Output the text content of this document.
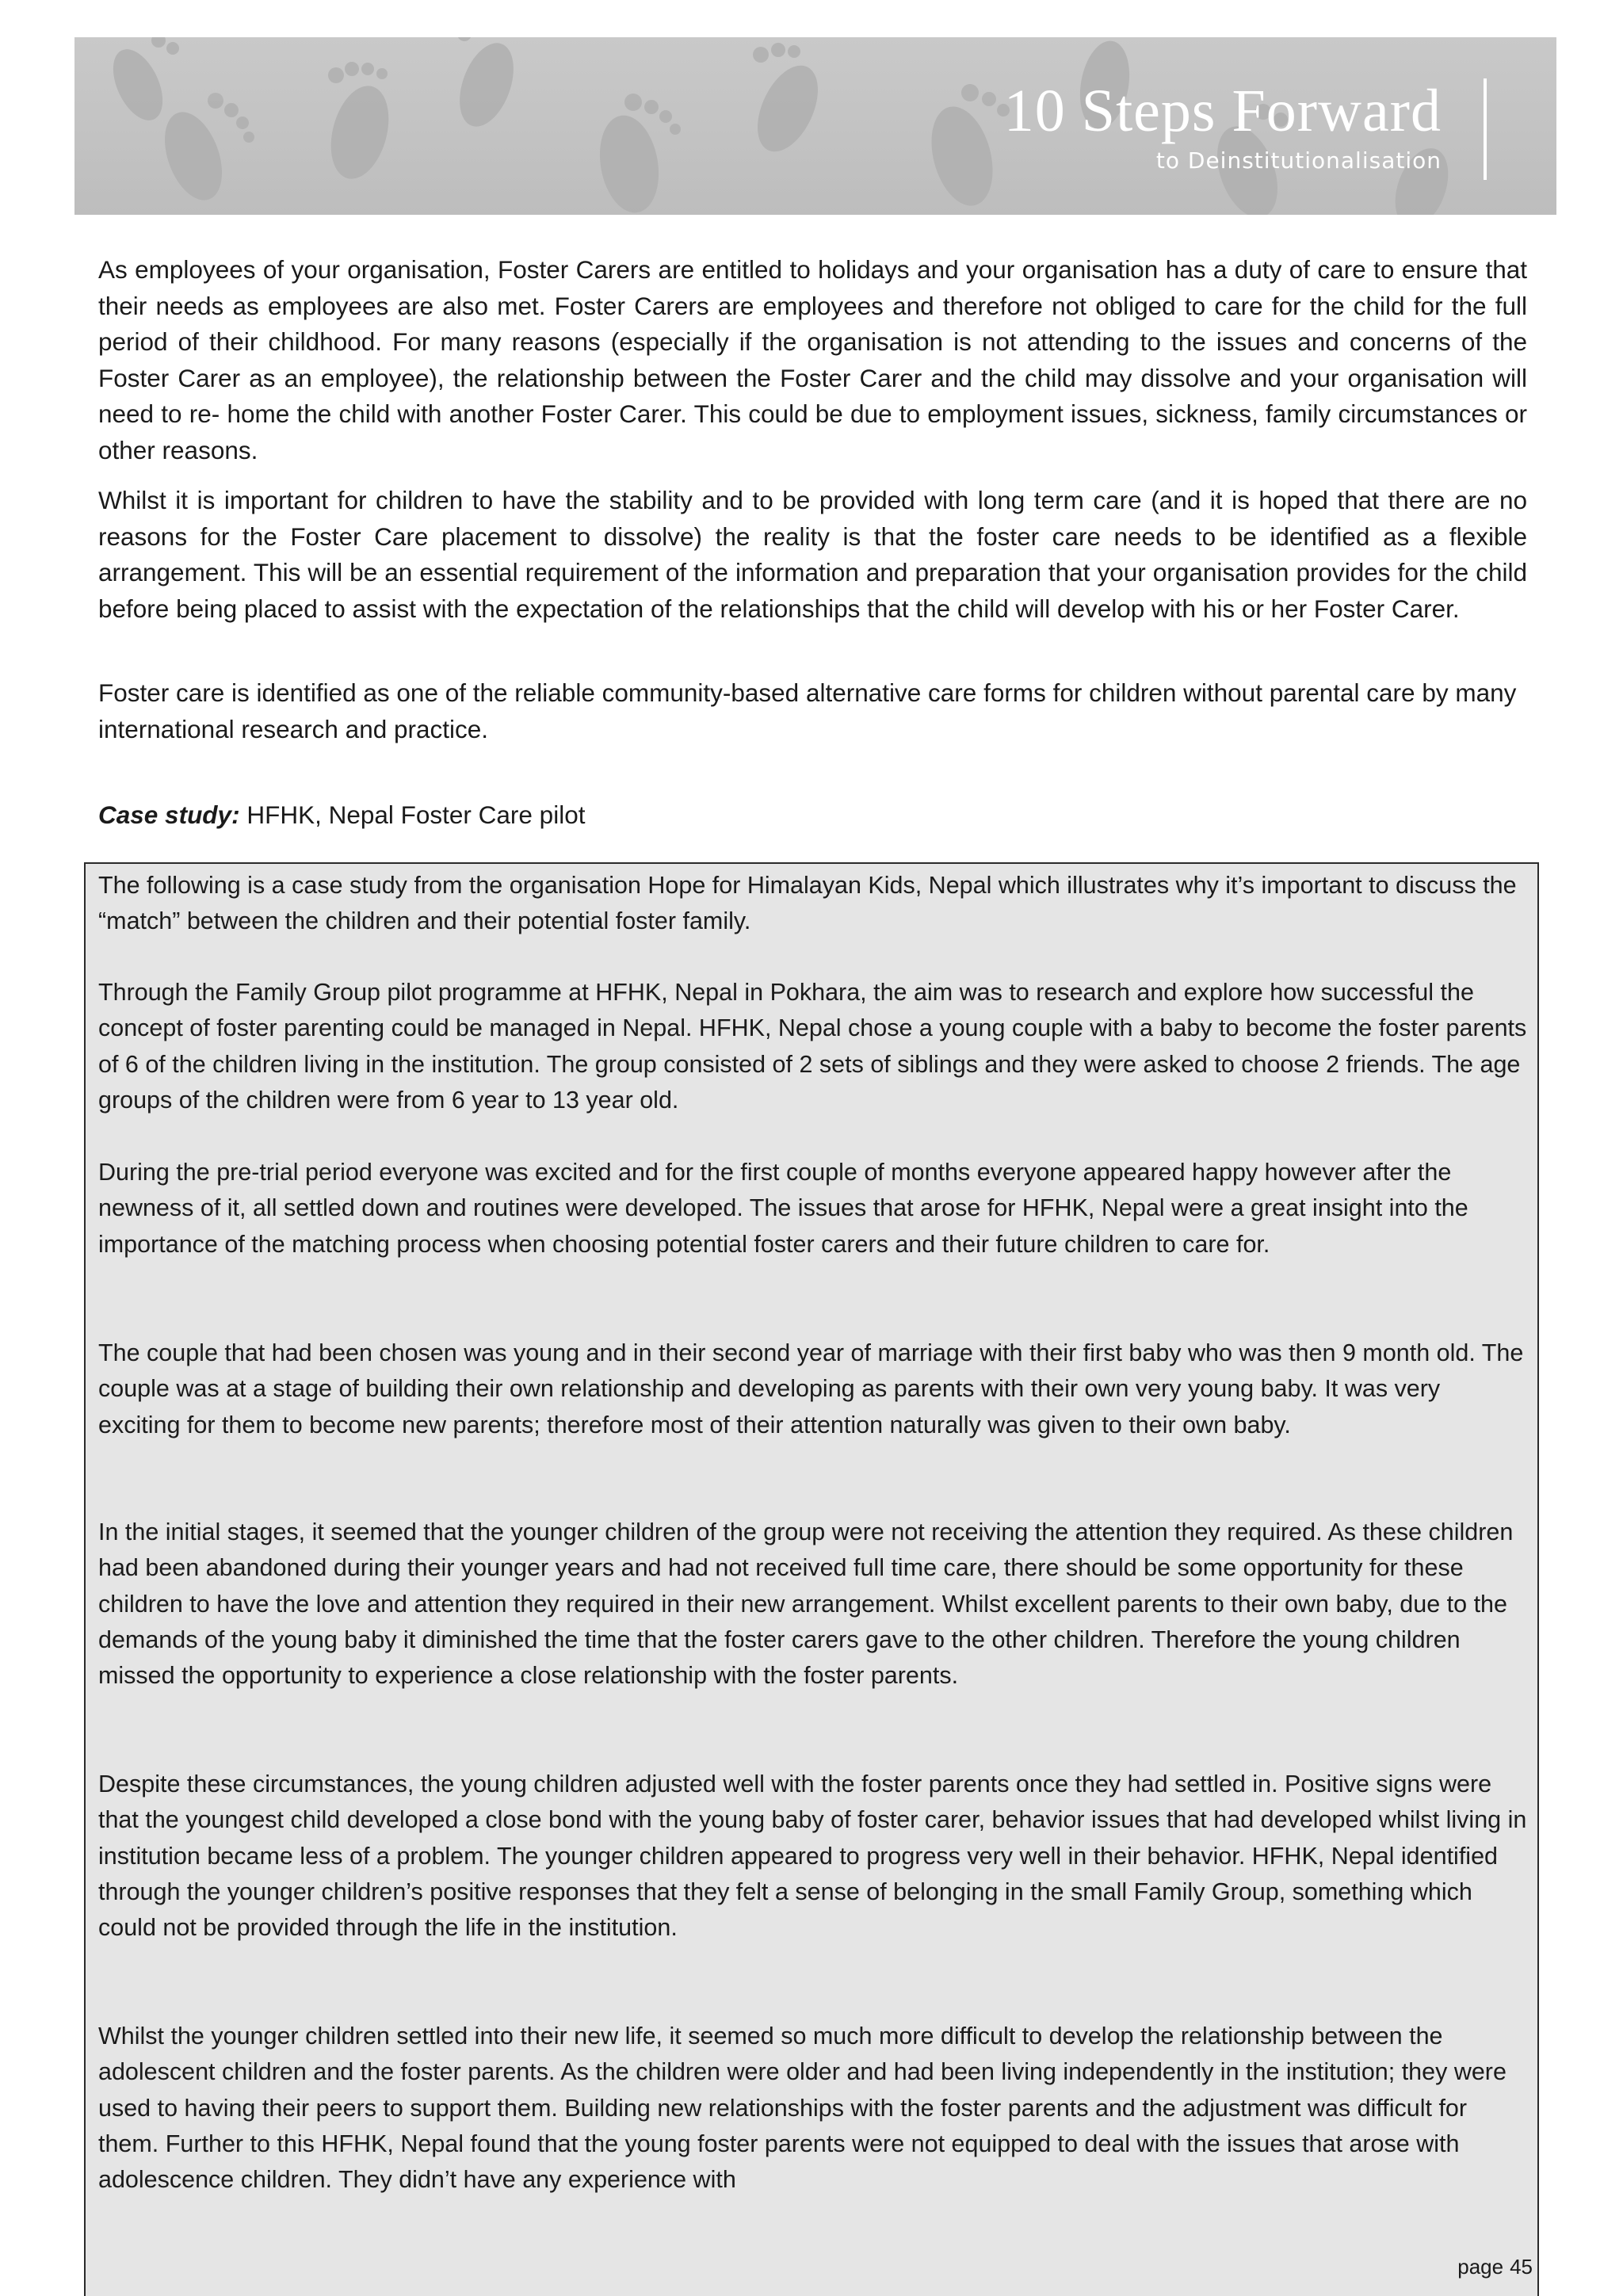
10 Steps Forward
to Deinstitutionalisation

As employees of your organisation, Foster Carers are entitled to holidays and your organisation has a duty of care to ensure that their needs as employees are also met. Foster Carers are employees and therefore not obliged to care for the child for the full period of their childhood. For many reasons (especially if the organisation is not attending to the issues and concerns of the Foster Carer as an employee), the relationship between the Foster Carer and the child may dissolve and your organisation will need to re- home the child with another Foster Carer. This could be due to employment issues, sickness, family circumstances or other reasons.

Whilst it is important for children to have the stability and to be provided with long term care (and it is hoped that there are no reasons for the Foster Care placement to dissolve) the reality is that the foster care needs to be identified as a flexible arrangement. This will be an essential requirement of the information and preparation that your organisation provides for the child before being placed to assist with the expectation of the relationships that the child will develop with his or her Foster Carer.

Foster care is identified as one of the reliable community-based alternative care forms for children without parental care by many international research and practice.

Case study: HFHK, Nepal Foster Care pilot

The following is a case study from the organisation Hope for Himalayan Kids, Nepal which illustrates why it’s important to discuss the “match” between the children and their potential foster family.

Through the Family Group pilot programme at HFHK, Nepal in Pokhara, the aim was to research and explore how successful the concept of foster parenting could be managed in Nepal. HFHK, Nepal chose a young couple with a baby to become the foster parents of 6 of the children living in the institution. The group consisted of 2 sets of siblings and they were asked to choose 2 friends. The age groups of the children were from 6 year to 13 year old.

During the pre-trial period everyone was excited and for the first couple of months everyone appeared happy however after the newness of it, all settled down and routines were developed. The issues that arose for HFHK, Nepal were a great insight into the importance of the matching process when choosing potential foster carers and their future children to care for.

The couple that had been chosen was young and in their second year of marriage with their first baby who was then 9 month old. The couple was at a stage of building their own relationship and developing as parents with their own very young baby. It was very exciting for them to become new parents; therefore most of their attention naturally was given to their own baby.

In the initial stages, it seemed that the younger children of the group were not receiving the attention they required. As these children had been abandoned during their younger years and had not received full time care, there should be some opportunity for these children to have the love and attention they required in their new arrangement. Whilst excellent parents to their own baby, due to the demands of the young baby it diminished the time that the foster carers gave to the other children. Therefore the young children missed the opportunity to experience a close relationship with the foster parents.

Despite these circumstances, the young children adjusted well with the foster parents once they had settled in. Positive signs were that the youngest child developed a close bond with the young baby of foster carer, behavior issues that had developed whilst living in institution became less of a problem. The younger children appeared to progress very well in their behavior. HFHK, Nepal identified through the younger children’s positive responses that they felt a sense of belonging in the small Family Group, something which could not be provided through the life in the institution.

Whilst the younger children settled into their new life, it seemed so much more difficult to develop the relationship between the adolescent children and the foster parents. As the children were older and had been living independently in the institution; they were used to having their peers to support them. Building new relationships with the foster parents and the adjustment was difficult for them. Further to this HFHK, Nepal found that the young foster parents were not equipped to deal with the issues that arose with adolescence children. They didn’t have any experience with

page 45
